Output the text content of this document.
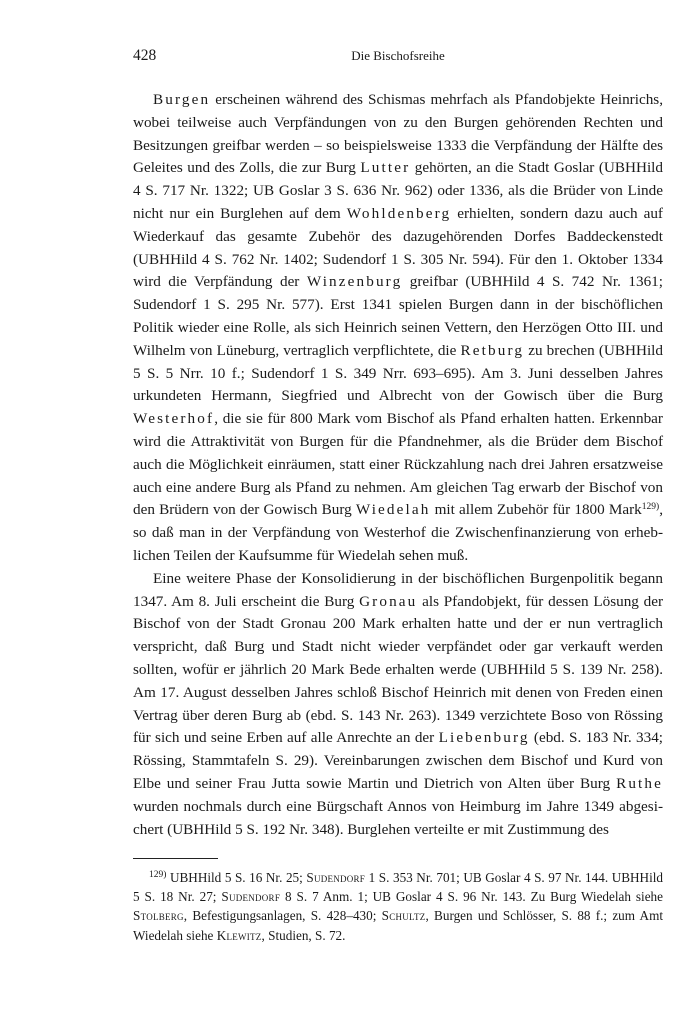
428	Die Bischofsreihe

Burgen erscheinen während des Schismas mehrfach als Pfandobjekte Heinrichs, wobei teilweise auch Verpfändungen von zu den Burgen gehörenden Rechten und Besitzungen greifbar werden – so beispielsweise 1333 die Verpfändung der Hälfte des Geleites und des Zolls, die zur Burg Lutter gehörten, an die Stadt Goslar (UBHHild 4 S. 717 Nr. 1322; UB Goslar 3 S. 636 Nr. 962) oder 1336, als die Brüder von Linde nicht nur ein Burglehen auf dem Wohldenberg erhielten, sondern dazu auch auf Wiederkauf das gesamte Zubehör des dazugehörenden Dorfes Baddeckenstedt (UBHHild 4 S. 762 Nr. 1402; Sudendorf 1 S. 305 Nr. 594). Für den 1. Oktober 1334 wird die Verpfändung der Winzenburg greifbar (UBHHild 4 S. 742 Nr. 1361; Sudendorf 1 S. 295 Nr. 577). Erst 1341 spielen Burgen dann in der bischöflichen Politik wieder eine Rolle, als sich Heinrich seinen Vettern, den Herzögen Otto III. und Wilhelm von Lüneburg, vertraglich verpflichtete, die Retburg zu brechen (UBHHild 5 S. 5 Nrr. 10 f.; Sudendorf 1 S. 349 Nrr. 693–695). Am 3. Juni desselben Jahres urkundeten Hermann, Siegfried und Albrecht von der Gowisch über die Burg Westerhof, die sie für 800 Mark vom Bischof als Pfand erhalten hatten. Erkennbar wird die Attraktivität von Burgen für die Pfandnehmer, als die Brüder dem Bischof auch die Möglichkeit einräumen, statt einer Rückzahlung nach drei Jahren ersatzweise auch eine andere Burg als Pfand zu nehmen. Am gleichen Tag erwarb der Bischof von den Brüdern von der Gowisch Burg Wiedelah mit allem Zubehör für 1800 Mark$^{129)}$, so daß man in der Verpfändung von Westerhof die Zwischenfinanzierung von erheblichen Teilen der Kaufsumme für Wiedelah sehen muß.

Eine weitere Phase der Konsolidierung in der bischöflichen Burgenpolitik begann 1347. Am 8. Juli erscheint die Burg Gronau als Pfandobjekt, für dessen Lösung der Bischof von der Stadt Gronau 200 Mark erhalten hatte und der er nun vertraglich verspricht, daß Burg und Stadt nicht wieder verpfändet oder gar verkauft werden sollten, wofür er jährlich 20 Mark Bede erhalten werde (UBHHild 5 S. 139 Nr. 258). Am 17. August desselben Jahres schloß Bischof Heinrich mit denen von Freden einen Vertrag über deren Burg ab (ebd. S. 143 Nr. 263). 1349 verzichtete Boso von Rössing für sich und seine Erben auf alle Anrechte an der Liebenburg (ebd. S. 183 Nr. 334; Rössing, Stammtafeln S. 29). Vereinbarungen zwischen dem Bischof und Kurd von Elbe und seiner Frau Jutta sowie Martin und Dietrich von Alten über Burg Ruthe wurden nochmals durch eine Bürgschaft Annos von Heimburg im Jahre 1349 abgesichert (UBHHild 5 S. 192 Nr. 348). Burglehen verteilte er mit Zustimmung des

$^{129)}$ UBHHild 5 S. 16 Nr. 25; Sudendorf 1 S. 353 Nr. 701; UB Goslar 4 S. 97 Nr. 144. UBHHild 5 S. 18 Nr. 27; Sudendorf 8 S. 7 Anm. 1; UB Goslar 4 S. 96 Nr. 143. Zu Burg Wiedelah siehe Stolberg, Befestigungsanlagen, S. 428–430; Schultz, Burgen und Schlösser, S. 88 f.; zum Amt Wiedelah siehe Klewitz, Studien, S. 72.
